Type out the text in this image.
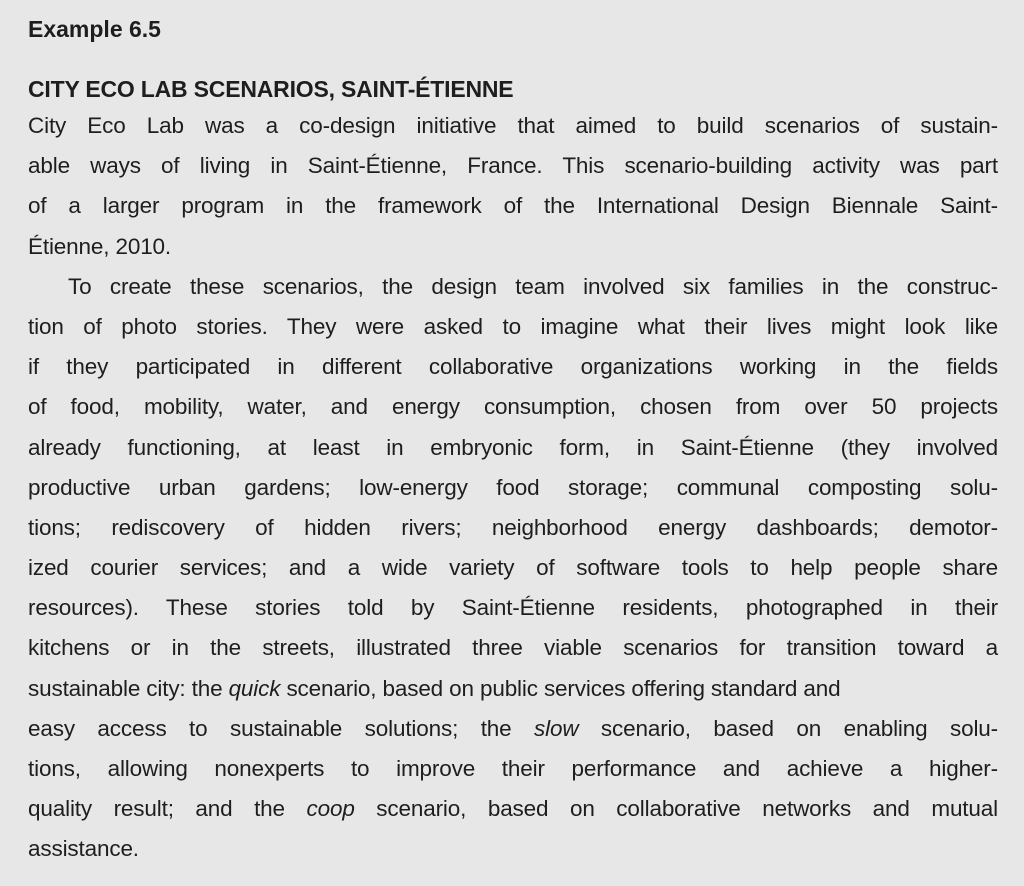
Example 6.5
CITY ECO LAB SCENARIOS, SAINT-ÉTIENNE
City Eco Lab was a co-design initiative that aimed to build scenarios of sustain-
able ways of living in Saint-Étienne, France. This scenario-building activity was part
of a larger program in the framework of the International Design Biennale Saint-
Étienne, 2010.
To create these scenarios, the design team involved six families in the construc-
tion of photo stories. They were asked to imagine what their lives might look like
if they participated in different collaborative organizations working in the fields
of food, mobility, water, and energy consumption, chosen from over 50 projects
already functioning, at least in embryonic form, in Saint-Étienne (they involved
productive urban gardens; low-energy food storage; communal composting solu-
tions; rediscovery of hidden rivers; neighborhood energy dashboards; demotor-
ized courier services; and a wide variety of software tools to help people share
resources). These stories told by Saint-Étienne residents, photographed in their
kitchens or in the streets, illustrated three viable scenarios for transition toward a
sustainable city: the quick scenario, based on public services offering standard and
easy access to sustainable solutions; the slow scenario, based on enabling solu-
tions, allowing nonexperts to improve their performance and achieve a higher-
quality result; and the coop scenario, based on collaborative networks and mutual
assistance.
